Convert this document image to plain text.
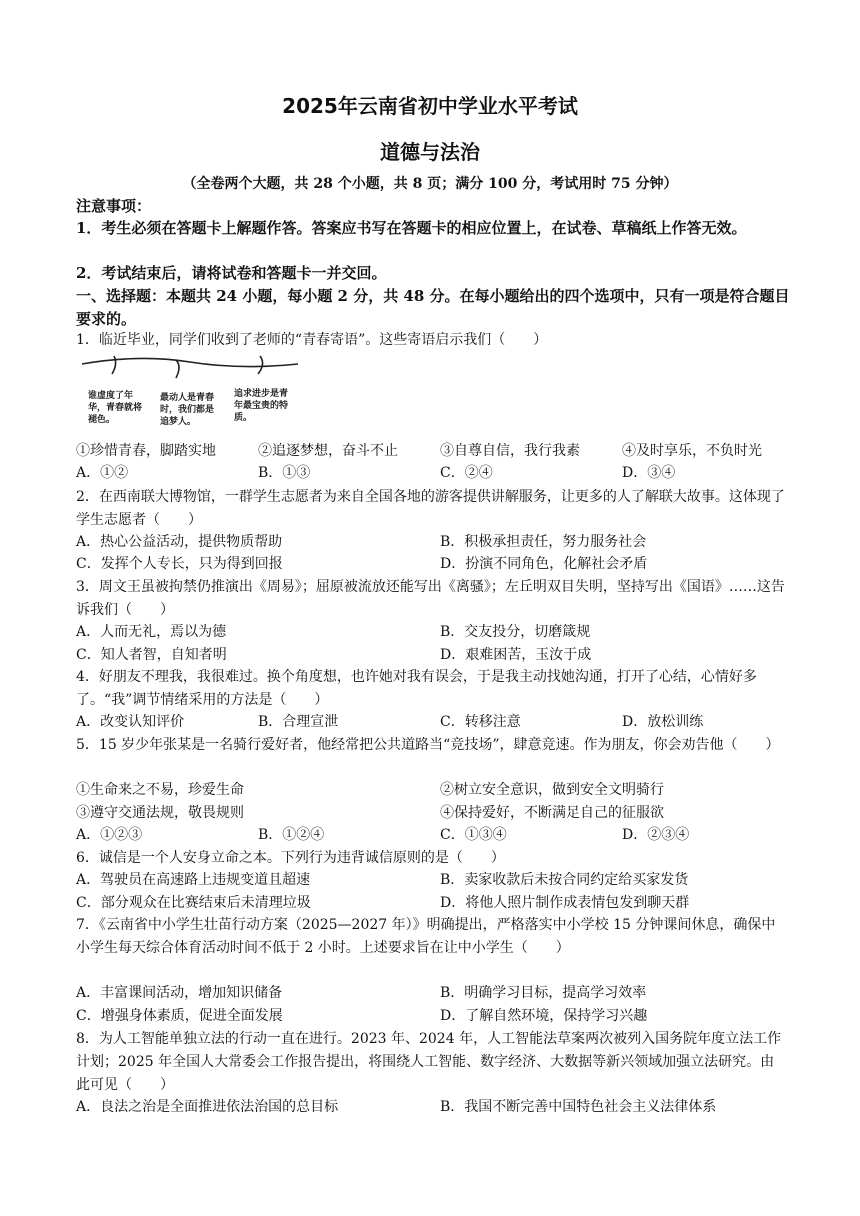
2025年云南省初中学业水平考试
道德与法治
（全卷两个大题，共 28 个小题，共 8 页；满分 100 分，考试用时 75 分钟）
注意事项：
1．考生必须在答题卡上解题作答。答案应书写在答题卡的相应位置上，在试卷、草稿纸上作答无效。
2．考试结束后，请将试卷和答题卡一并交回。
一、选择题：本题共 24 小题，每小题 2 分，共 48 分。在每小题给出的四个选项中，只有一项是符合题目要求的。
1．临近毕业，同学们收到了老师的“青春寄语”。这些寄语启示我们（　　）
谁虚度了年华，青春就将褪色。
最动人是青春时，我们都是追梦人。
追求进步是青年最宝贵的特质。
①珍惜青春，脚踏实地	②追逐梦想，奋斗不止	③自尊自信，我行我素	④及时享乐，不负时光
A．①②	B．①③	C．②④	D．③④
2．在西南联大博物馆，一群学生志愿者为来自全国各地的游客提供讲解服务，让更多的人了解联大故事。这体现了学生志愿者（　　）
A．热心公益活动，提供物质帮助	B．积极承担责任，努力服务社会
C．发挥个人专长，只为得到回报	D．扮演不同角色，化解社会矛盾
3．周文王虽被拘禁仍推演出《周易》；屈原被流放还能写出《离骚》；左丘明双目失明，坚持写出《国语》……这告诉我们（　　）
A．人而无礼，焉以为德	B．交友投分，切磨箴规
C．知人者智，自知者明	D．艰难困苦，玉汝于成
4．好朋友不理我，我很难过。换个角度想，也许她对我有误会，于是我主动找她沟通，打开了心结，心情好多了。“我”调节情绪采用的方法是（　　）
A．改变认知评价	B．合理宣泄	C．转移注意	D．放松训练
5．15 岁少年张某是一名骑行爱好者，他经常把公共道路当“竞技场”，肆意竞速。作为朋友，你会劝告他（　　）
①生命来之不易，珍爱生命	②树立安全意识，做到安全文明骑行
③遵守交通法规，敬畏规则	④保持爱好，不断满足自己的征服欲
A．①②③	B．①②④	C．①③④	D．②③④
6．诚信是一个人安身立命之本。下列行为违背诚信原则的是（　　）
A．驾驶员在高速路上违规变道且超速	B．卖家收款后未按合同约定给买家发货
C．部分观众在比赛结束后未清理垃圾	D．将他人照片制作成表情包发到聊天群
7．《云南省中小学生壮苗行动方案（2025—2027 年）》明确提出，严格落实中小学校 15 分钟课间休息，确保中小学生每天综合体育活动时间不低于 2 小时。上述要求旨在让中小学生（　　）
A．丰富课间活动，增加知识储备	B．明确学习目标，提高学习效率
C．增强身体素质，促进全面发展	D．了解自然环境，保持学习兴趣
8．为人工智能单独立法的行动一直在进行。2023 年、2024 年，人工智能法草案两次被列入国务院年度立法工作计划；2025 年全国人大常委会工作报告提出，将围绕人工智能、数字经济、大数据等新兴领域加强立法研究。由此可见（　　）
A．良法之治是全面推进依法治国的总目标	B．我国不断完善中国特色社会主义法律体系
